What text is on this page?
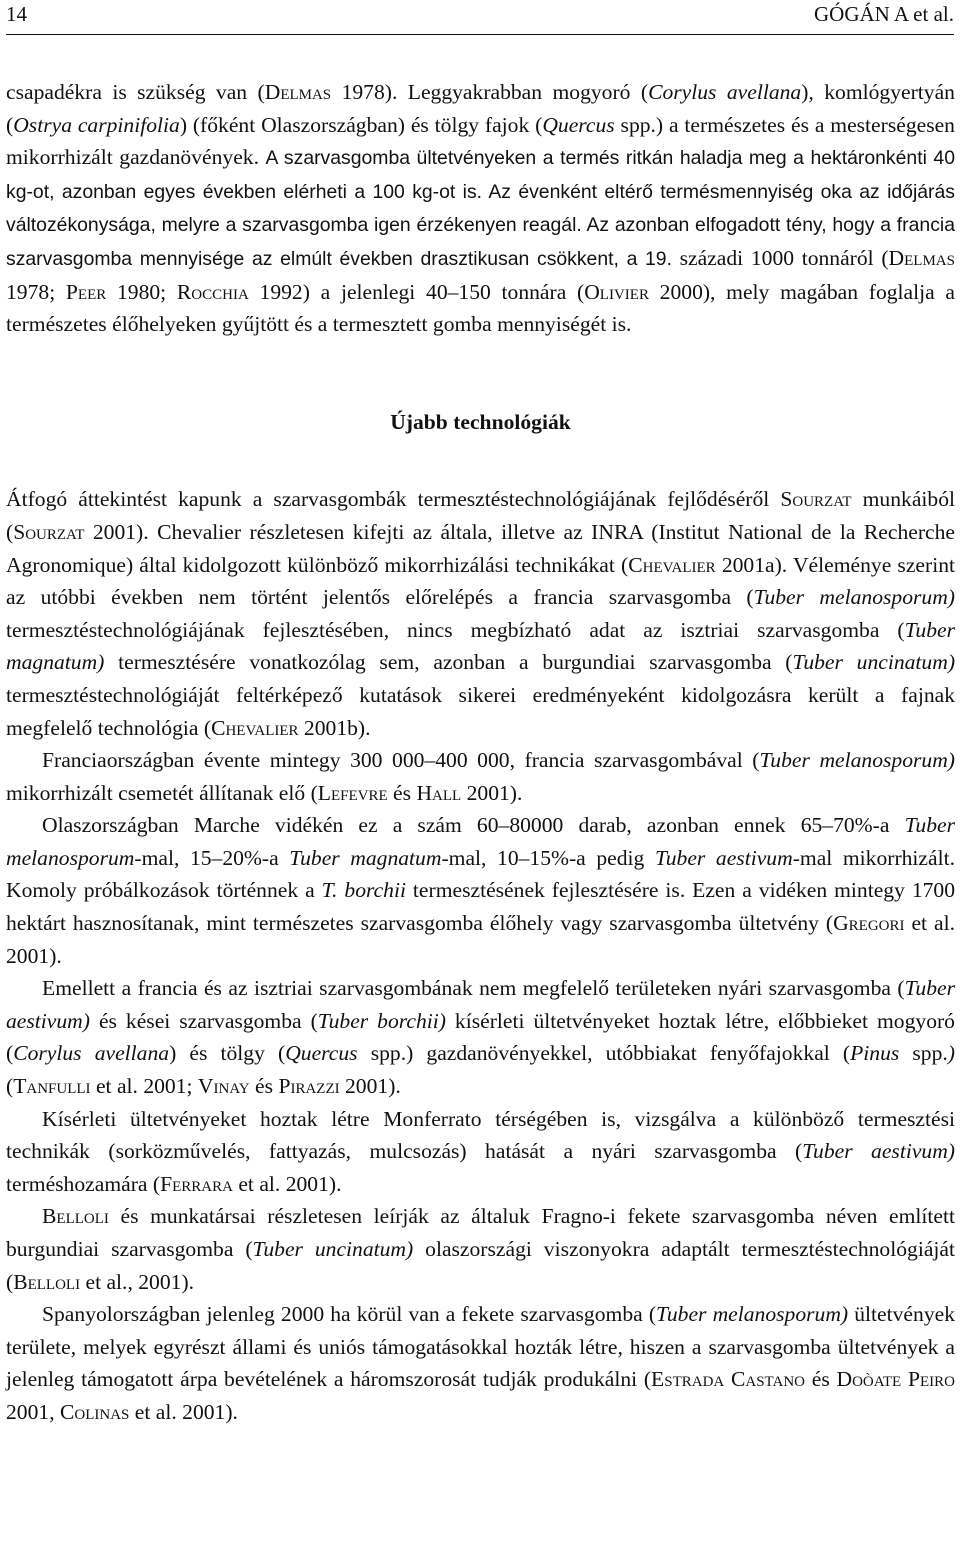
14	GÓGÁN A et al.

csapadékra is szükség van (Delmas 1978). Leggyakrabban mogyoró (Corylus avellana), komlógyertyán (Ostrya carpinifolia) (főként Olaszországban) és tölgy fajok (Quercus spp.) a természetes és a mesterségesen mikorrhizált gazdanövények. A szarvasgomba ültetvényeken a termés ritkán haladja meg a hektáronkénti 40 kg-ot, azonban egyes években elérheti a 100 kg-ot is. Az évenként eltérő termésmennyiség oka az időjárás változékonysága, melyre a szarvasgomba igen érzékenyen reagál. Az azonban elfogadott tény, hogy a francia szarvasgomba mennyisége az elmúlt években drasztikusan csökkent, a 19. századi 1000 tonnáról (Delmas 1978; Peer 1980; Rocchia 1992) a jelenlegi 40–150 tonnára (Olivier 2000), mely magában foglalja a természetes élőhelyeken gyűjtött és a termesztett gomba mennyiségét is.

Újabb technológiák

Átfogó áttekintést kapunk a szarvasgombák termesztéstechnológiájának fejlődéséről Sourzat munkáiból (Sourzat 2001). Chevalier részletesen kifejti az általa, illetve az INRA (Institut National de la Recherche Agronomique) által kidolgozott különböző mikorrhizálási technikákat (Chevalier 2001a). Véleménye szerint az utóbbi években nem történt jelentős előrelépés a francia szarvasgomba (Tuber melanosporum) termesztéstechnológiájának fejlesztésében, nincs megbízható adat az isztriai szarvasgomba (Tuber magnatum) termesztésére vonatkozólag sem, azonban a burgundiai szarvasgomba (Tuber uncinatum) termesztéstechnológiáját feltérképező kutatások sikerei eredményeként kidolgozásra került a fajnak megfelelő technológia (Chevalier 2001b).

Franciaországban évente mintegy 300 000–400 000, francia szarvasgombával (Tuber melanosporum) mikorrhizált csemetét állítanak elő (Lefevre és Hall 2001).

Olaszországban Marche vidékén ez a szám 60–80000 darab, azonban ennek 65–70%-a Tuber melanosporum-mal, 15–20%-a Tuber magnatum-mal, 10–15%-a pedig Tuber aestivum-mal mikorrhizált. Komoly próbálkozások történnek a T. borchii termesztésének fejlesztésére is. Ezen a vidéken mintegy 1700 hektárt hasznosítanak, mint természetes szarvasgomba élőhely vagy szarvasgomba ültetvény (Gregori et al. 2001).

Emellett a francia és az isztriai szarvasgombának nem megfelelő területeken nyári szarvasgomba (Tuber aestivum) és kései szarvasgomba (Tuber borchii) kísérleti ültetvényeket hoztak létre, előbbieket mogyoró (Corylus avellana) és tölgy (Quercus spp.) gazdanövényekkel, utóbbiakat fenyőfajokkal (Pinus spp.) (Tanfulli et al. 2001; Vinay és Pirazzi 2001).

Kísérleti ültetvényeket hoztak létre Monferrato térségében is, vizsgálva a különböző termesztési technikák (sorközművelés, fattyazás, mulcsozás) hatását a nyári szarvasgomba (Tuber aestivum) terméshozamára (Ferrara et al. 2001).

Belloli és munkatársai részletesen leírják az általuk Fragno-i fekete szarvasgomba néven említett burgundiai szarvasgomba (Tuber uncinatum) olaszországi viszonyokra adaptált termesztéstechnológiáját (Belloli et al., 2001).

Spanyolországban jelenleg 2000 ha körül van a fekete szarvasgomba (Tuber melanosporum) ültetvények területe, melyek egyrészt állami és uniós támogatásokkal hozták létre, hiszen a szarvasgomba ültetvények a jelenleg támogatott árpa bevételének a háromszorosát tudják produkálni (Estrada Castano és Doòate Peiro 2001, Colinas et al. 2001).
